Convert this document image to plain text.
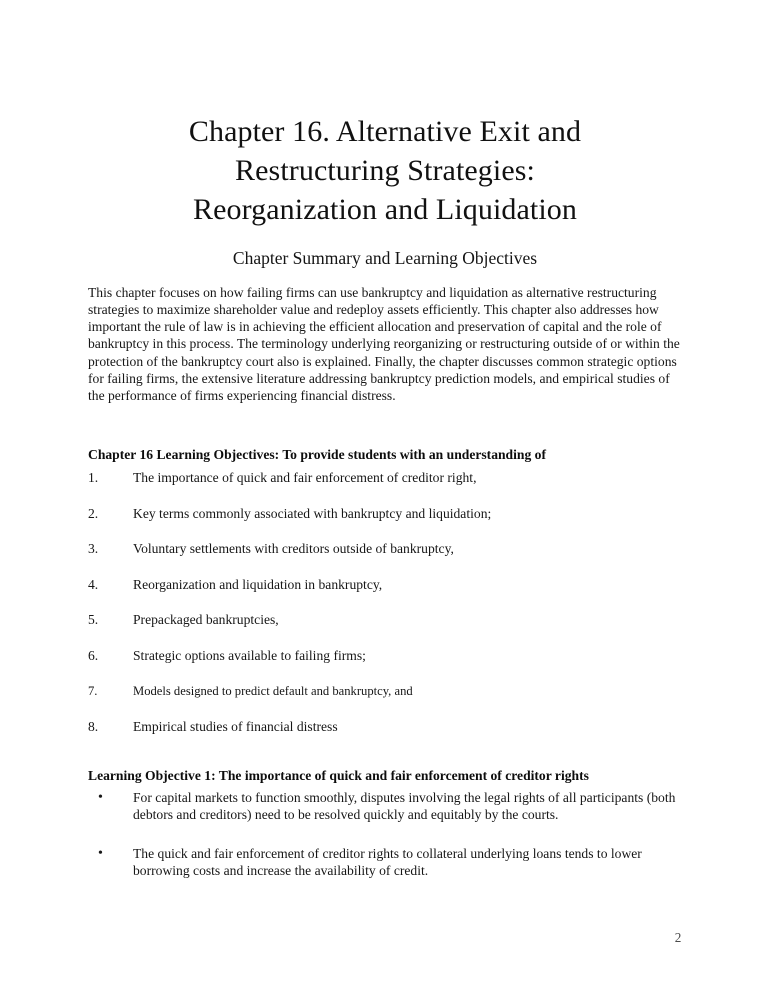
Chapter 16. Alternative Exit and
Restructuring Strategies:
Reorganization and Liquidation
Chapter Summary and Learning Objectives

This chapter focuses on how failing firms can use bankruptcy and liquidation as alternative restructuring strategies to maximize shareholder value and redeploy assets efficiently. This chapter also addresses how important the rule of law is in achieving the efficient allocation and preservation of capital and the role of bankruptcy in this process. The terminology underlying reorganizing or restructuring outside of or within the protection of the bankruptcy court also is explained. Finally, the chapter discusses common strategic options for failing firms, the extensive literature addressing bankruptcy prediction models, and empirical studies of the performance of firms experiencing financial distress.

Chapter 16 Learning Objectives: To provide students with an understanding of

1.	The importance of quick and fair enforcement of creditor right,
2.	Key terms commonly associated with bankruptcy and liquidation;
3.	Voluntary settlements with creditors outside of bankruptcy,
4.	Reorganization and liquidation in bankruptcy,
5.	Prepackaged bankruptcies,
6.	Strategic options available to failing firms;
7.	Models designed to predict default and bankruptcy, and
8.	Empirical studies of financial distress

Learning Objective 1: The importance of quick and fair enforcement of creditor rights

•	For capital markets to function smoothly, disputes involving the legal rights of all participants (both debtors and creditors) need to be resolved quickly and equitably by the courts.
•	The quick and fair enforcement of creditor rights to collateral underlying loans tends to lower borrowing costs and increase the availability of credit.
2
